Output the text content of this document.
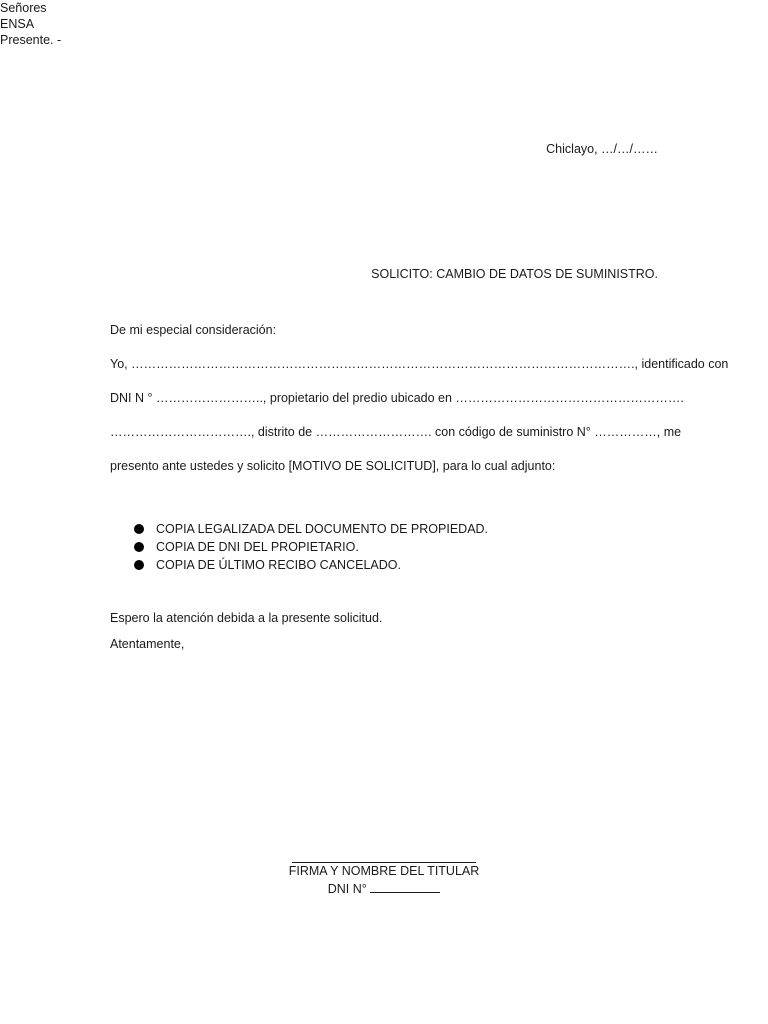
Chiclayo, …/…/……
Señores
ENSA
Presente. -
SOLICITO: CAMBIO DE DATOS DE SUMINISTRO.
De mi especial consideración:
Yo, …………………………………………………………………………………………………………., identificado con
DNI N ° …………………….., propietario del predio ubicado en ……………………………………………….
……………………………., distrito de ………………………. con código de suministro N° ……………, me
presento ante ustedes y solicito [MOTIVO DE SOLICITUD], para lo cual adjunto:
COPIA LEGALIZADA DEL DOCUMENTO DE PROPIEDAD.
COPIA DE DNI DEL PROPIETARIO.
COPIA DE ÚLTIMO RECIBO CANCELADO.
Espero la atención debida a la presente solicitud.
Atentamente,
FIRMA Y NOMBRE DEL TITULAR
DNI N°
